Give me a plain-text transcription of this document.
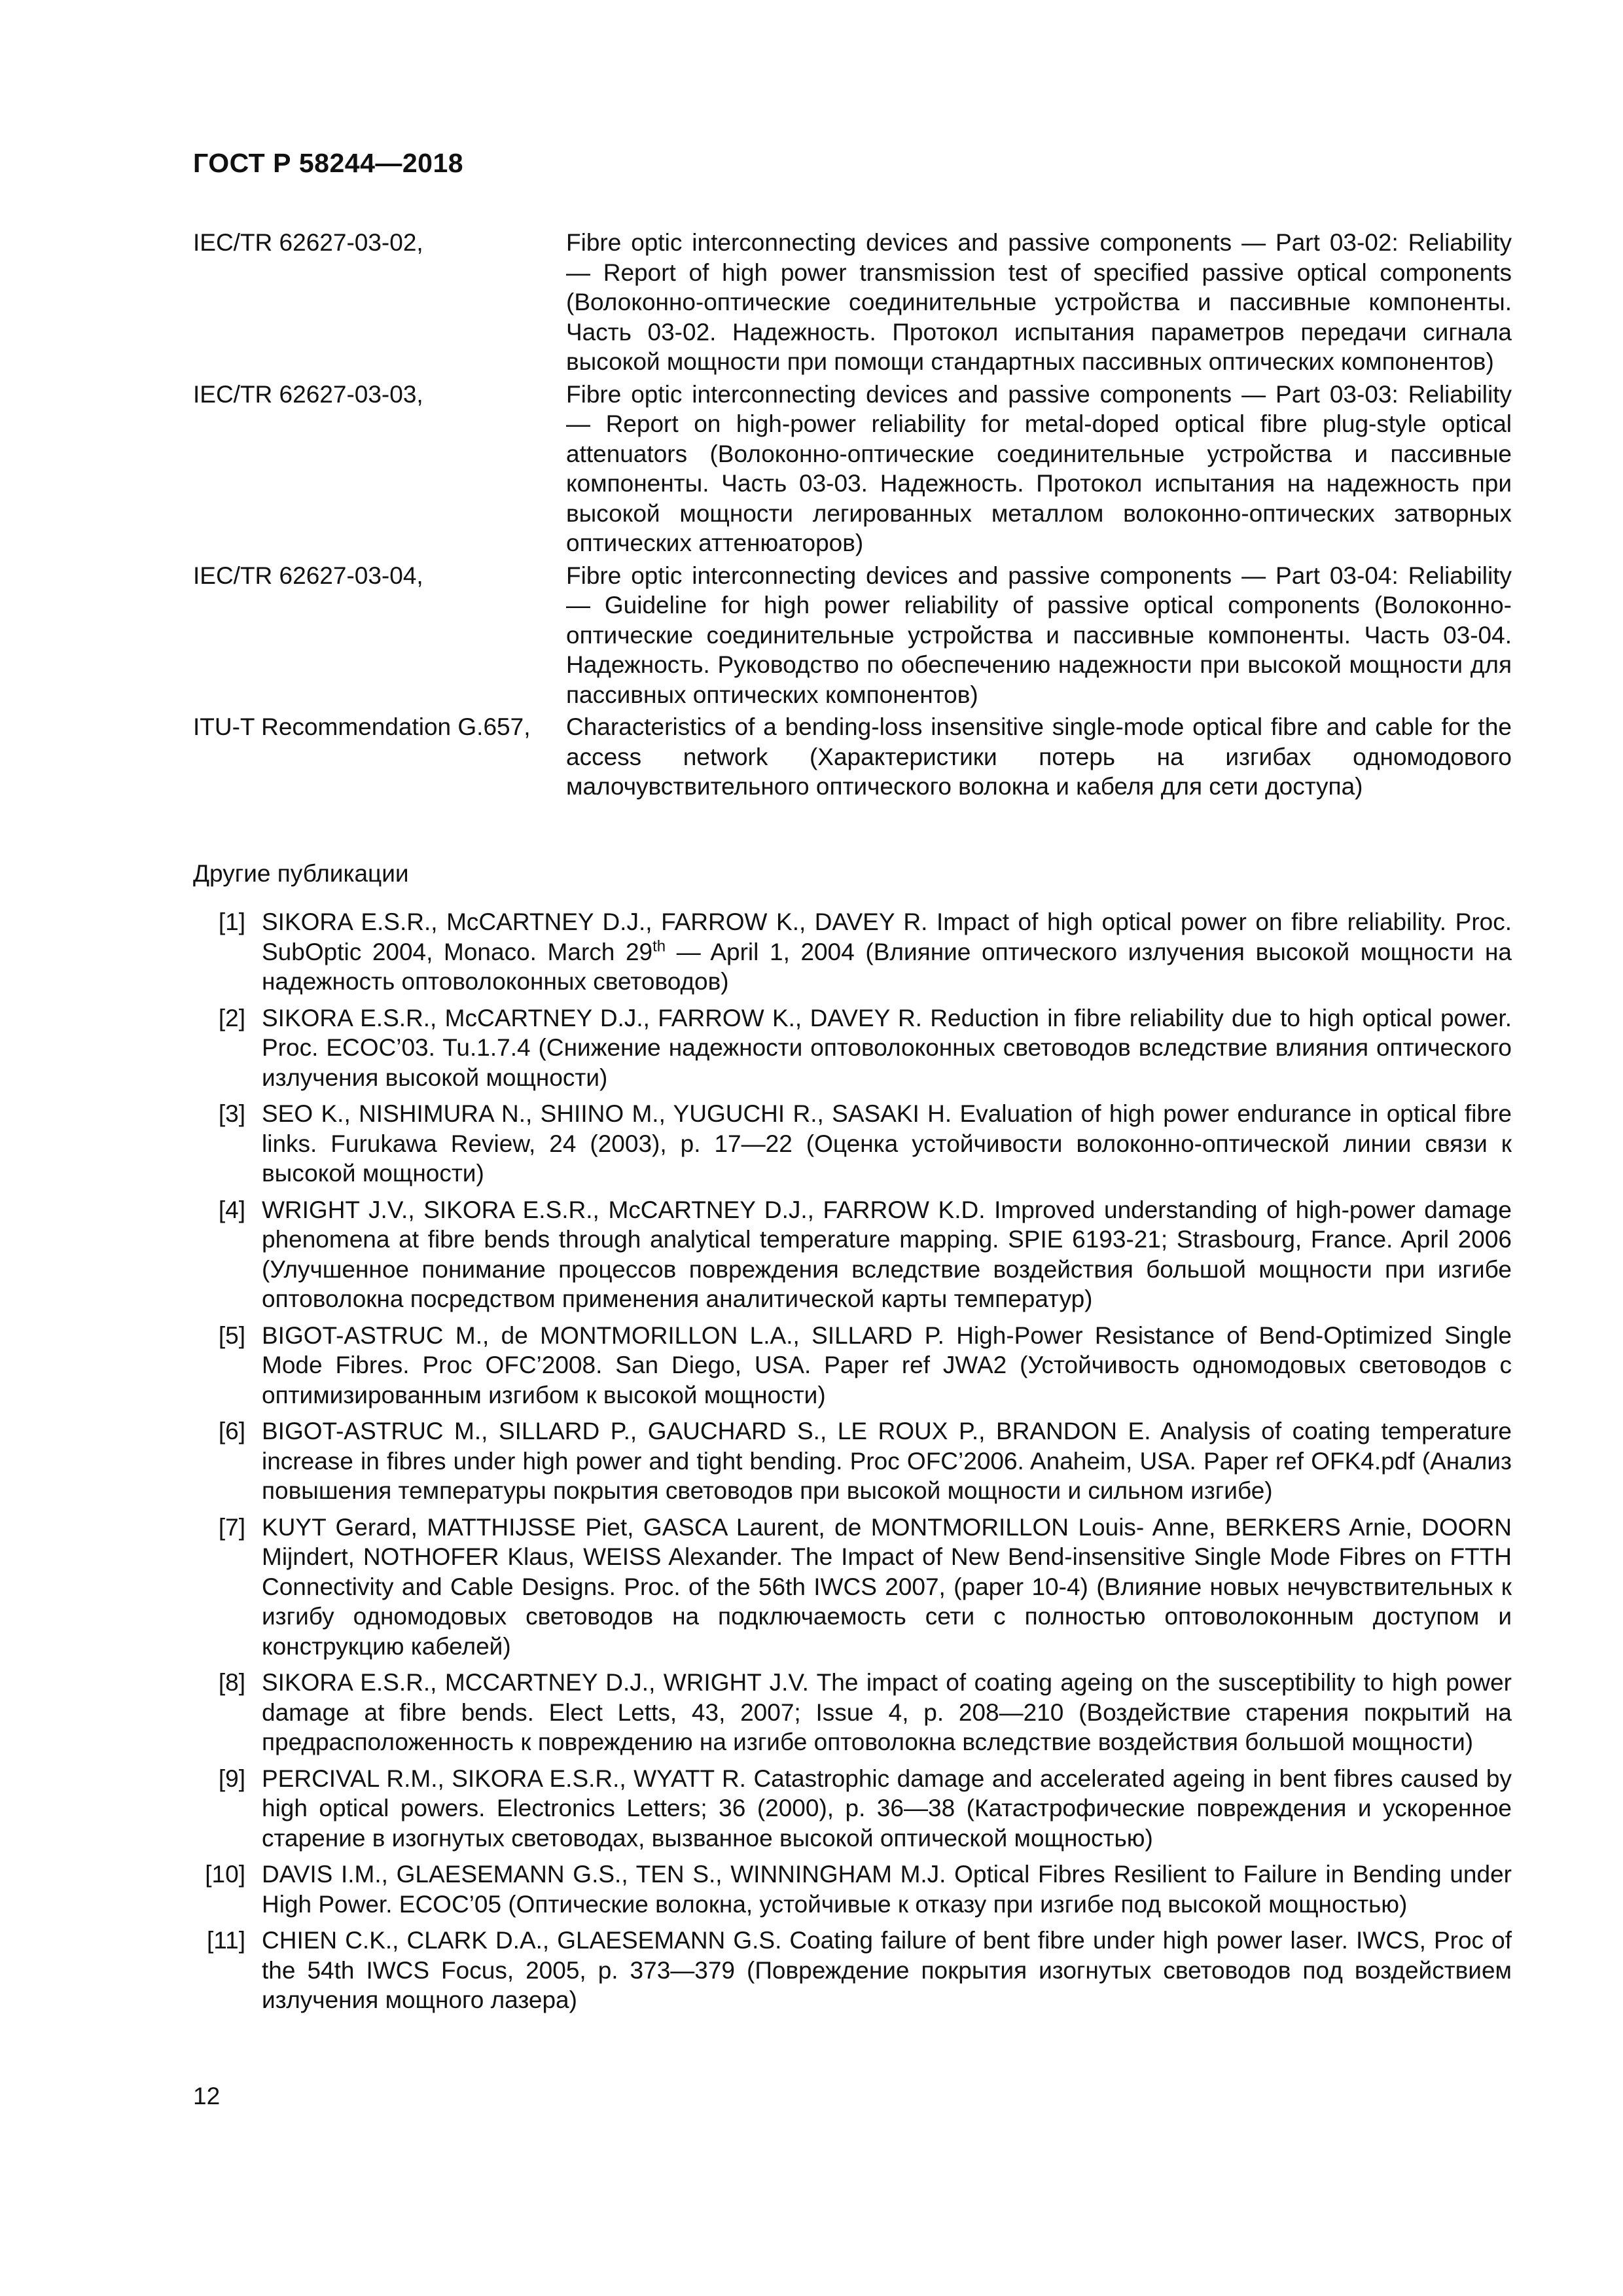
ГОСТ Р 58244—2018
IEC/TR 62627-03-02,	Fibre optic interconnecting devices and passive components — Part 03-02: Reliability — Report of high power transmission test of specified passive optical components (Волоконно-оптические соединительные устройства и пассивные компоненты. Часть 03-02. Надежность. Протокол испытания параметров передачи сигнала высокой мощности при помощи стандартных пассивных оптических компонентов)
IEC/TR 62627-03-03,	Fibre optic interconnecting devices and passive components — Part 03-03: Reliability — Report on high-power reliability for metal-doped optical fibre plug-style optical attenuators (Волоконно-оптические соединительные устройства и пассивные компоненты. Часть 03-03. Надежность. Протокол испытания на надежность при высокой мощности легированных металлом волоконно-оптических затворных оптических аттенюаторов)
IEC/TR 62627-03-04,	Fibre optic interconnecting devices and passive components — Part 03-04: Reliability — Guideline for high power reliability of passive optical components (Волоконно-оптические соединительные устройства и пассивные компоненты. Часть 03-04. Надежность. Руководство по обеспечению надежности при высокой мощности для пассивных оптических компонентов)
ITU-T Recommendation G.657,	Characteristics of a bending-loss insensitive single-mode optical fibre and cable for the access network (Характеристики потерь на изгибах одномодового малочувствительного оптического волокна и кабеля для сети доступа)
Другие публикации
[1] SIKORA E.S.R., McCARTNEY D.J., FARROW K., DAVEY R. Impact of high optical power on fibre reliability. Proc. SubOptic 2004, Monaco. March 29th — April 1, 2004 (Влияние оптического излучения высокой мощности на надежность оптоволоконных световодов)
[2] SIKORA E.S.R., McCARTNEY D.J., FARROW K., DAVEY R. Reduction in fibre reliability due to high optical power. Proc. ECOC’03. Tu.1.7.4 (Снижение надежности оптоволоконных световодов вследствие влияния оптического излучения высокой мощности)
[3] SEO K., NISHIMURA N., SHIINO M., YUGUCHI R., SASAKI H. Evaluation of high power endurance in optical fibre links. Furukawa Review, 24 (2003), p. 17—22 (Оценка устойчивости волоконно-оптической линии связи к высокой мощности)
[4] WRIGHT J.V., SIKORA E.S.R., McCARTNEY D.J., FARROW K.D. Improved understanding of high-power damage phenomena at fibre bends through analytical temperature mapping. SPIE 6193-21; Strasbourg, France. April 2006 (Улучшенное понимание процессов повреждения вследствие воздействия большой мощности при изгибе оптоволокна посредством применения аналитической карты температур)
[5] BIGOT-ASTRUC M., de MONTMORILLON L.A., SILLARD P. High-Power Resistance of Bend-Optimized Single Mode Fibres. Proc OFC’2008. San Diego, USA. Paper ref JWA2 (Устойчивость одномодовых световодов с оптимизированным изгибом к высокой мощности)
[6] BIGOT-ASTRUC M., SILLARD P., GAUCHARD S., LE ROUX P., BRANDON E. Analysis of coating temperature increase in fibres under high power and tight bending. Proc OFC’2006. Anaheim, USA. Paper ref OFK4.pdf (Анализ повышения температуры покрытия световодов при высокой мощности и сильном изгибе)
[7] KUYT Gerard, MATTHIJSSE Piet, GASCA Laurent, de MONTMORILLON Louis- Anne, BERKERS Arnie, DOORN Mijndert, NOTHOFER Klaus, WEISS Alexander. The Impact of New Bend-insensitive Single Mode Fibres on FTTH Connectivity and Cable Designs. Proc. of the 56th IWCS 2007, (paper 10-4) (Влияние новых нечувствительных к изгибу одномодовых световодов на подключаемость сети с полностью оптоволоконным доступом и конструкцию кабелей)
[8] SIKORA E.S.R., MCCARTNEY D.J., WRIGHT J.V. The impact of coating ageing on the susceptibility to high power damage at fibre bends. Elect Letts, 43, 2007; Issue 4, p. 208—210 (Воздействие старения покрытий на предрасположенность к повреждению на изгибе оптоволокна вследствие воздействия большой мощности)
[9] PERCIVAL R.M., SIKORA E.S.R., WYATT R. Catastrophic damage and accelerated ageing in bent fibres caused by high optical powers. Electronics Letters; 36 (2000), p. 36—38 (Катастрофические повреждения и ускоренное старение в изогнутых световодах, вызванное высокой оптической мощностью)
[10] DAVIS I.M., GLAESEMANN G.S., TEN S., WINNINGHAM M.J. Optical Fibres Resilient to Failure in Bending under High Power. ECOC’05 (Оптические волокна, устойчивые к отказу при изгибе под высокой мощностью)
[11] CHIEN C.K., CLARK D.A., GLAESEMANN G.S. Coating failure of bent fibre under high power laser. IWCS, Proc of the 54th IWCS Focus, 2005, p. 373—379 (Повреждение покрытия изогнутых световодов под воздействием излучения мощного лазера)
12
